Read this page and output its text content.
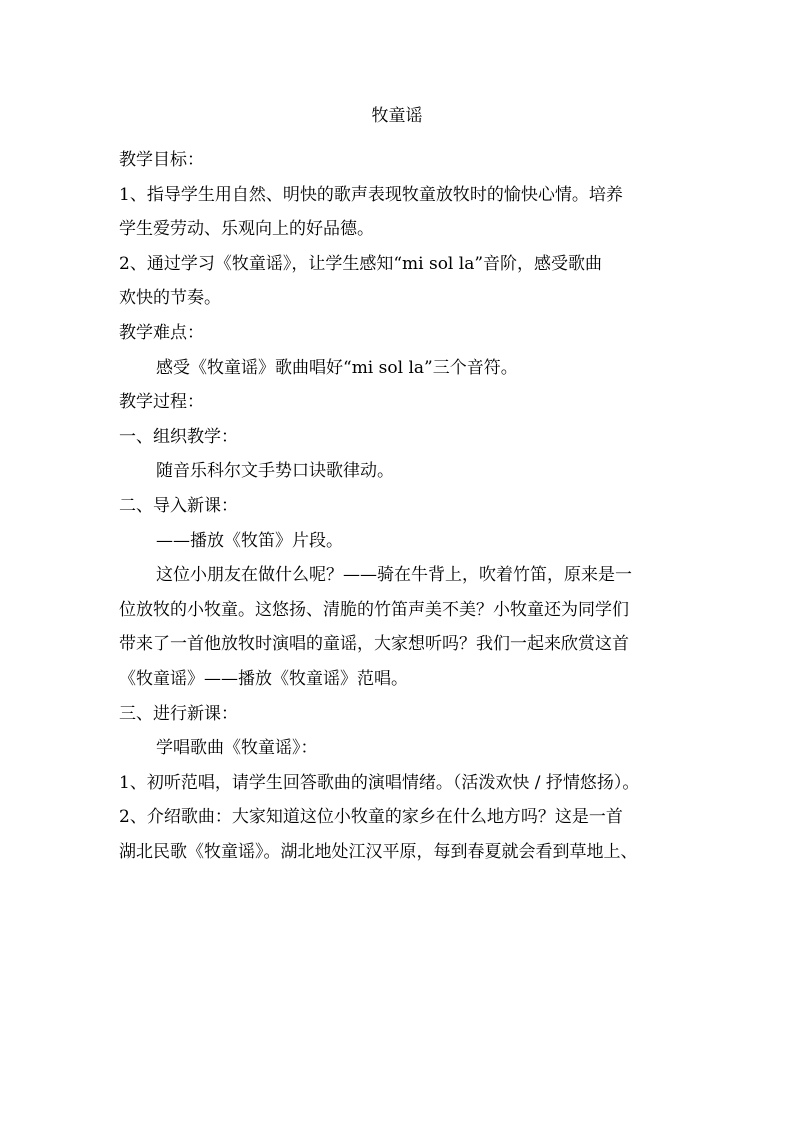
牧童谣
教学目标：
1、指导学生用自然、明快的歌声表现牧童放牧时的愉快心情。培养
学生爱劳动、乐观向上的好品德。
2、通过学习《牧童谣》，让学生感知“mi sol la”音阶，感受歌曲
欢快的节奏。
教学难点：
感受《牧童谣》歌曲唱好“mi sol la”三个音符。
教学过程：
一、组织教学：
随音乐科尔文手势口诀歌律动。
二、导入新课：
——播放《牧笛》片段。
这位小朋友在做什么呢？——骑在牛背上，吹着竹笛，原来是一
位放牧的小牧童。这悠扬、清脆的竹笛声美不美？小牧童还为同学们
带来了一首他放牧时演唱的童谣，大家想听吗？我们一起来欣赏这首
《牧童谣》——播放《牧童谣》范唱。
三、进行新课：
学唱歌曲《牧童谣》：
1、初听范唱，请学生回答歌曲的演唱情绪。（活泼欢快 / 抒情悠扬）。
2、介绍歌曲：大家知道这位小牧童的家乡在什么地方吗？这是一首
湖北民歌《牧童谣》。湖北地处江汉平原，每到春夏就会看到草地上、
